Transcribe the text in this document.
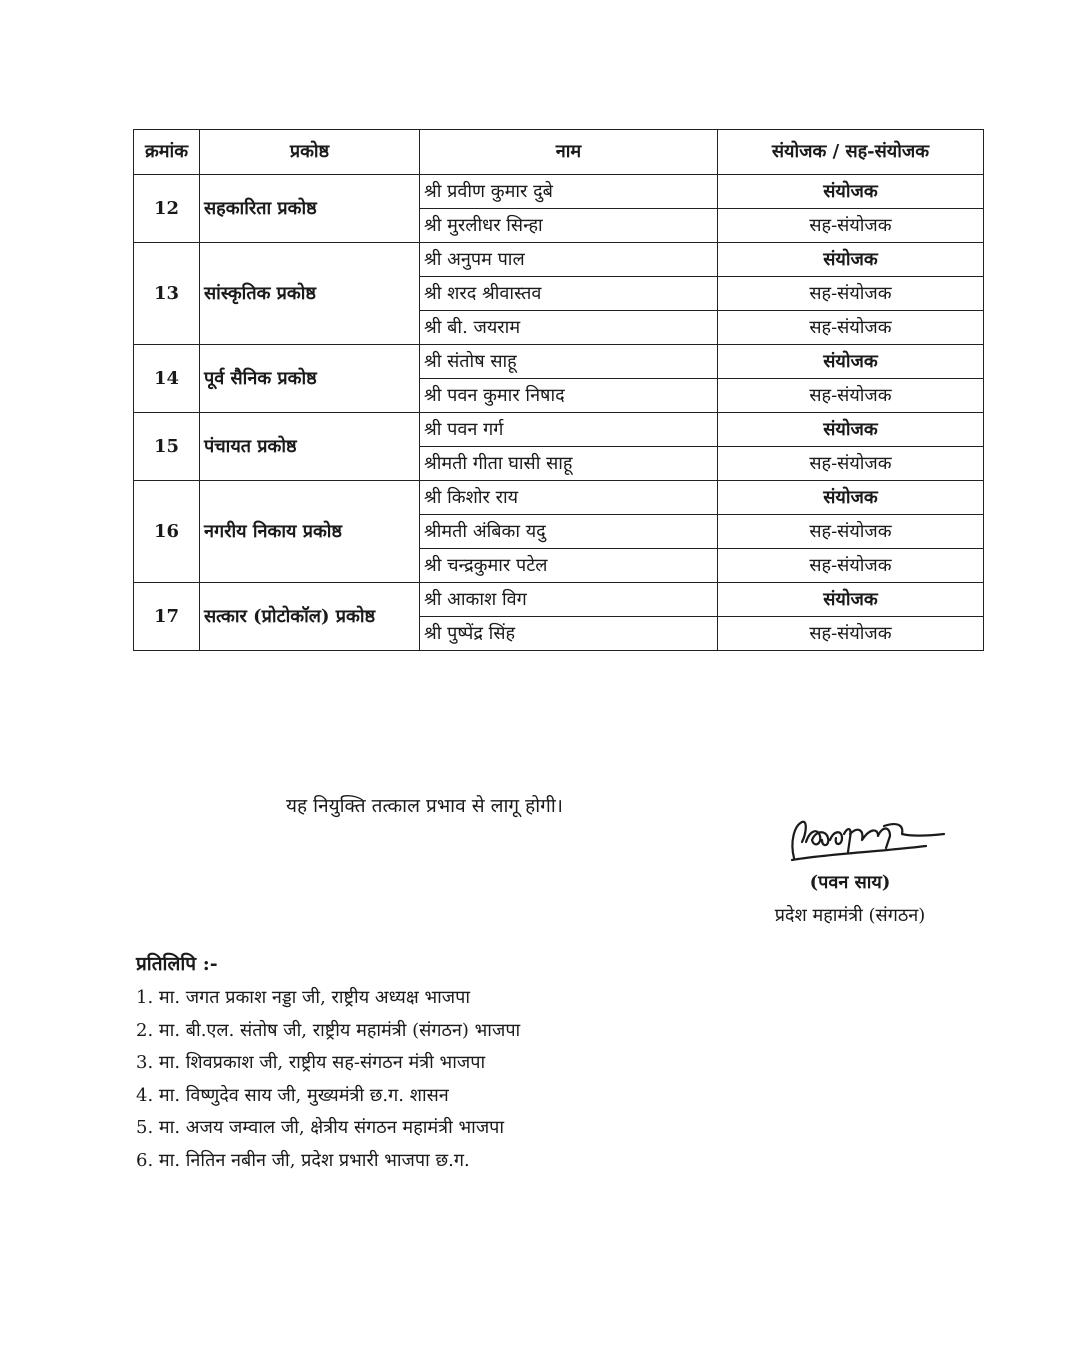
क्रमांक	प्रकोष्ठ	नाम	संयोजक / सह-संयोजक
12	सहकारिता प्रकोष्ठ	श्री प्रवीण कुमार दुबे	संयोजक
		श्री मुरलीधर सिन्हा	सह-संयोजक
13	सांस्कृतिक प्रकोष्ठ	श्री अनुपम पाल	संयोजक
		श्री शरद श्रीवास्तव	सह-संयोजक
		श्री बी. जयराम	सह-संयोजक
14	पूर्व सैनिक प्रकोष्ठ	श्री संतोष साहू	संयोजक
		श्री पवन कुमार निषाद	सह-संयोजक
15	पंचायत प्रकोष्ठ	श्री पवन गर्ग	संयोजक
		श्रीमती गीता घासी साहू	सह-संयोजक
16	नगरीय निकाय प्रकोष्ठ	श्री किशोर राय	संयोजक
		श्रीमती अंबिका यदु	सह-संयोजक
		श्री चन्द्रकुमार पटेल	सह-संयोजक
17	सत्कार (प्रोटोकॉल) प्रकोष्ठ	श्री आकाश विग	संयोजक
		श्री पुष्पेंद्र सिंह	सह-संयोजक
यह नियुक्ति तत्काल प्रभाव से लागू होगी।
(पवन साय)
प्रदेश महामंत्री (संगठन)
प्रतिलिपि :-
1. मा. जगत प्रकाश नड्डा जी, राष्ट्रीय अध्यक्ष भाजपा
2. मा. बी.एल. संतोष जी, राष्ट्रीय महामंत्री (संगठन) भाजपा
3. मा. शिवप्रकाश जी, राष्ट्रीय सह-संगठन मंत्री भाजपा
4. मा. विष्णुदेव साय जी, मुख्यमंत्री छ.ग. शासन
5. मा. अजय जम्वाल जी, क्षेत्रीय संगठन महामंत्री भाजपा
6. मा. नितिन नबीन जी, प्रदेश प्रभारी भाजपा छ.ग.
